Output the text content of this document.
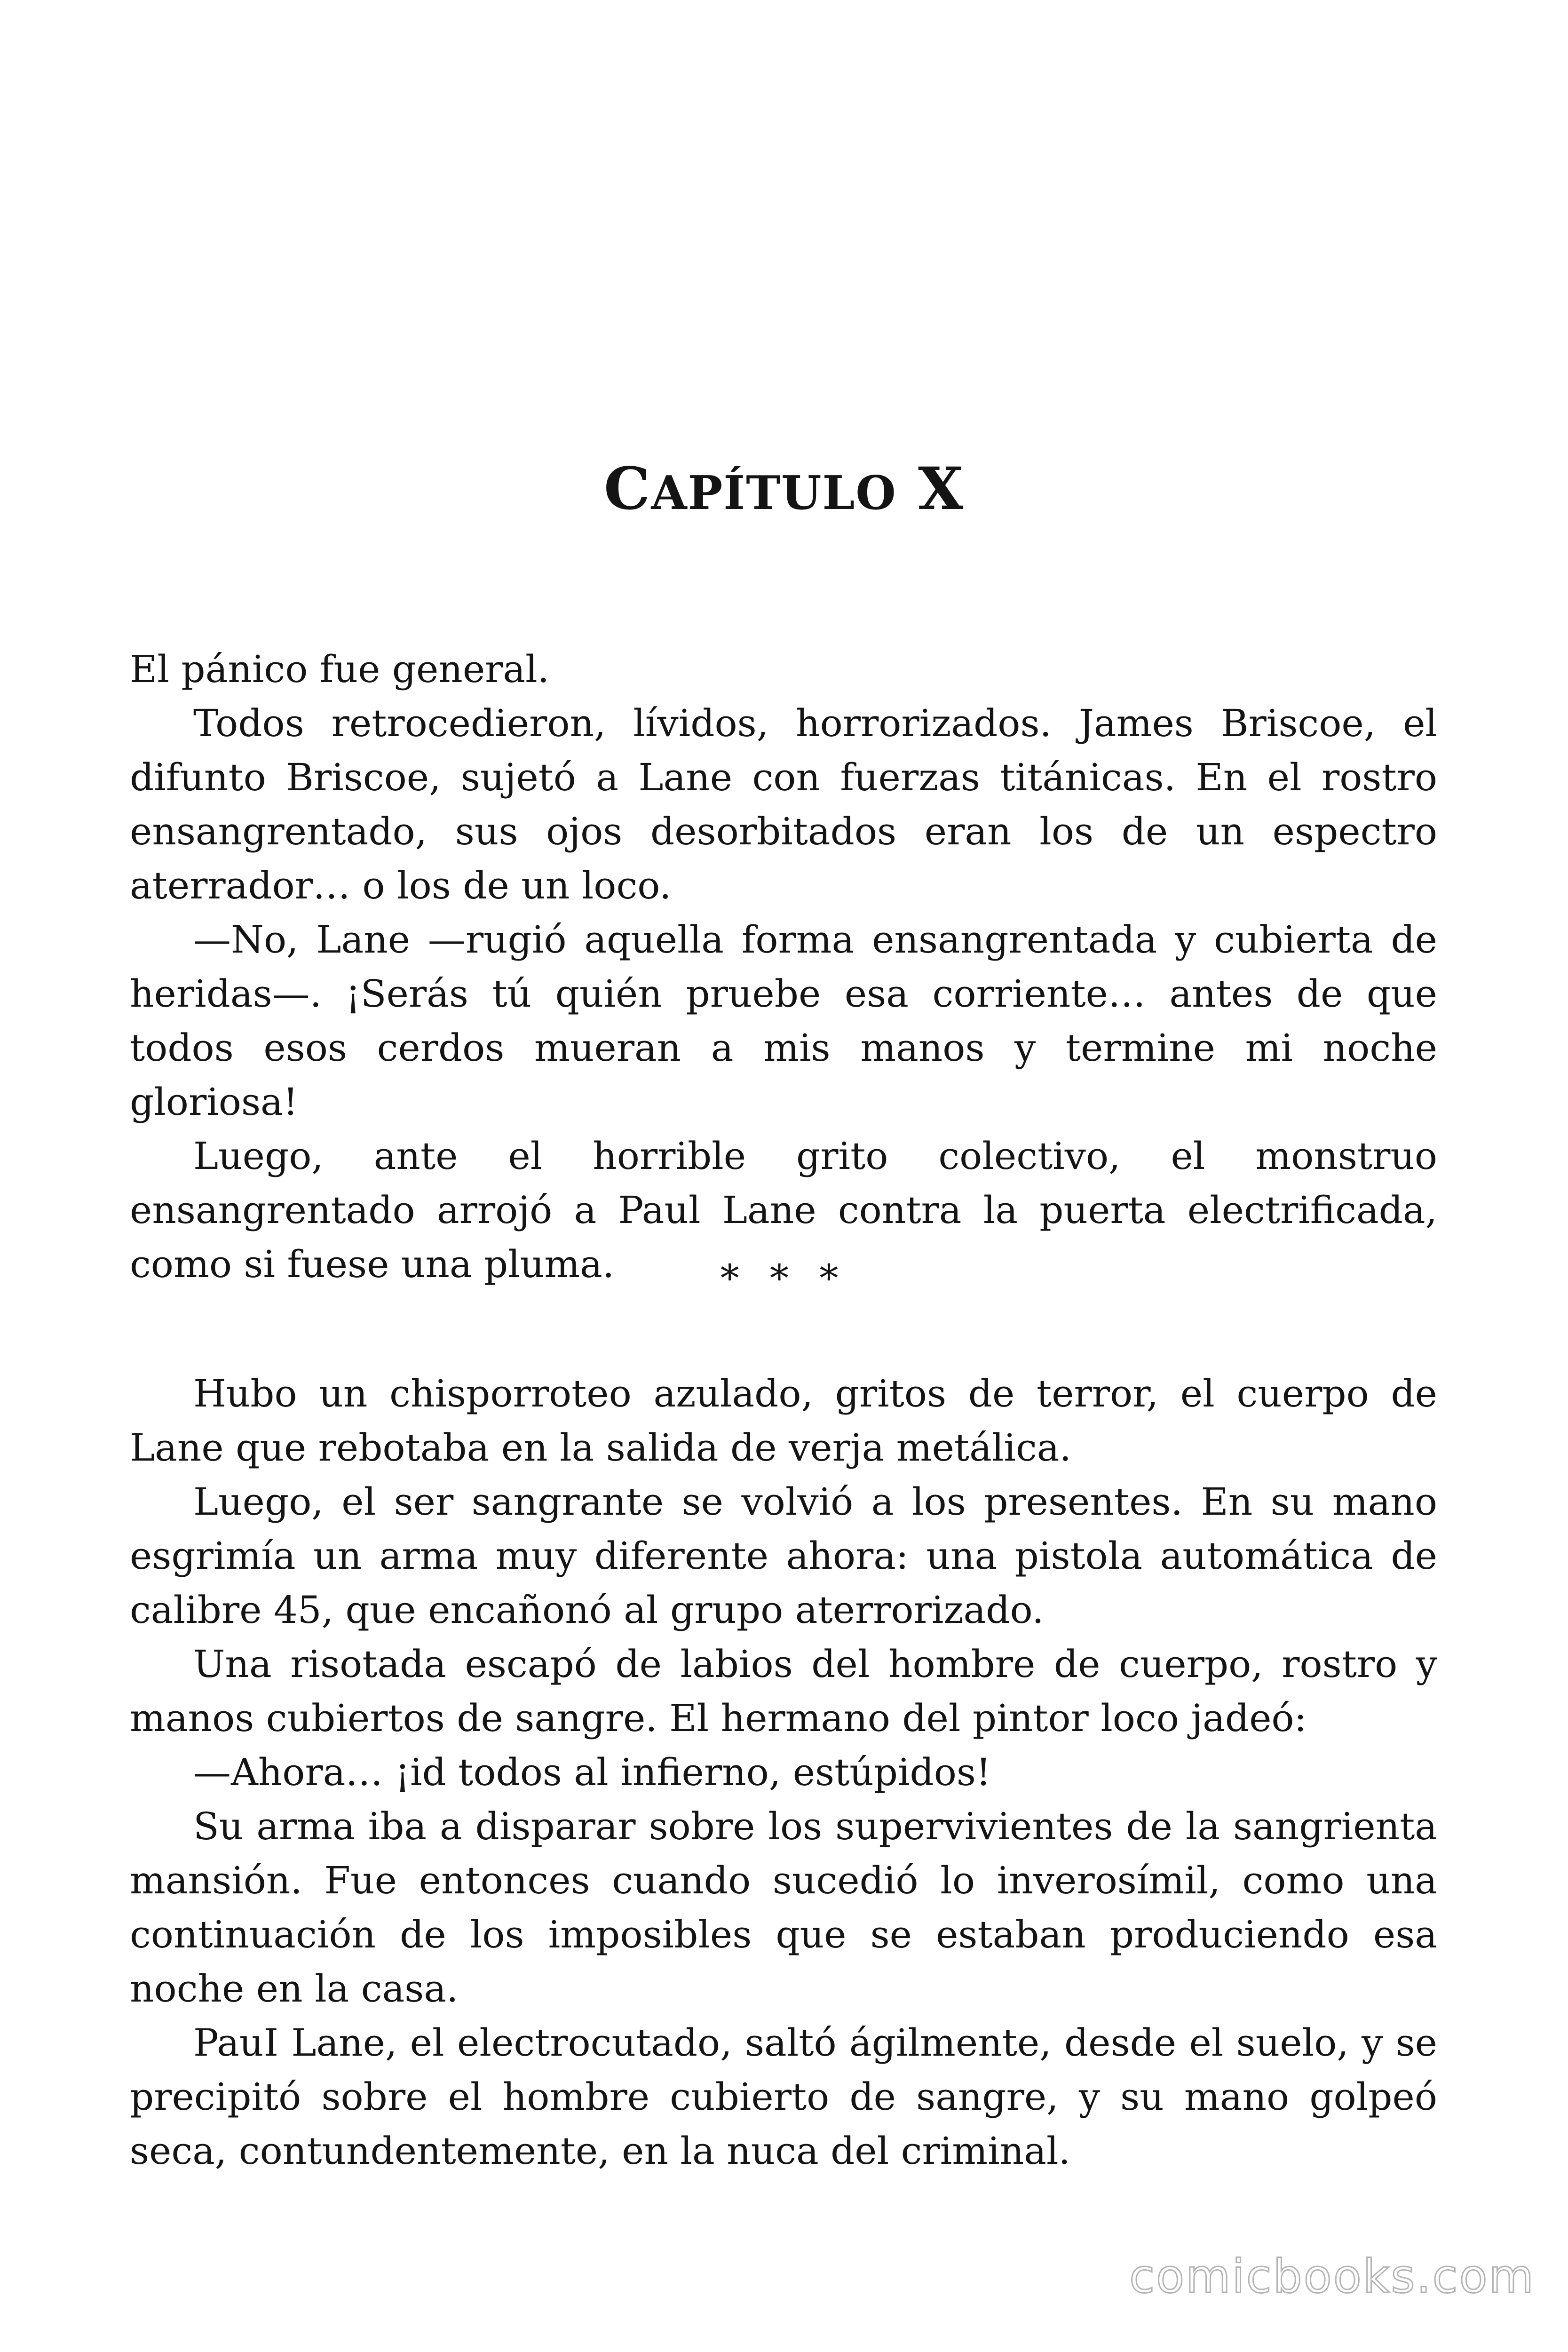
CAPÍTULO X

El pánico fue general.

Todos retrocedieron, lívidos, horrorizados. James Briscoe, el difunto Briscoe, sujetó a Lane con fuerzas titánicas. En el rostro ensangrentado, sus ojos desorbitados eran los de un espectro aterrador… o los de un loco.

—No, Lane —rugió aquella forma ensangrentada y cubierta de heridas—. ¡Serás tú quién pruebe esa corriente… antes de que todos esos cerdos mueran a mis manos y termine mi noche gloriosa!

Luego, ante el horrible grito colectivo, el monstruo ensangrentado arrojó a Paul Lane contra la puerta electrificada, como si fuese una pluma.	* * *

Hubo un chisporroteo azulado, gritos de terror, el cuerpo de Lane que rebotaba en la salida de verja metálica.

Luego, el ser sangrante se volvió a los presentes. En su mano esgrimía un arma muy diferente ahora: una pistola automática de calibre 45, que encañonó al grupo aterrorizado.

Una risotada escapó de labios del hombre de cuerpo, rostro y manos cubiertos de sangre. El hermano del pintor loco jadeó:

—Ahora… ¡id todos al infierno, estúpidos!

Su arma iba a disparar sobre los supervivientes de la sangrienta mansión. Fue entonces cuando sucedió lo inverosímil, como una continuación de los imposibles que se estaban produciendo esa noche en la casa.

PauI Lane, el electrocutado, saltó ágilmente, desde el suelo, y se precipitó sobre el hombre cubierto de sangre, y su mano golpeó seca, contundentemente, en la nuca del criminal.

comicbooks.com
